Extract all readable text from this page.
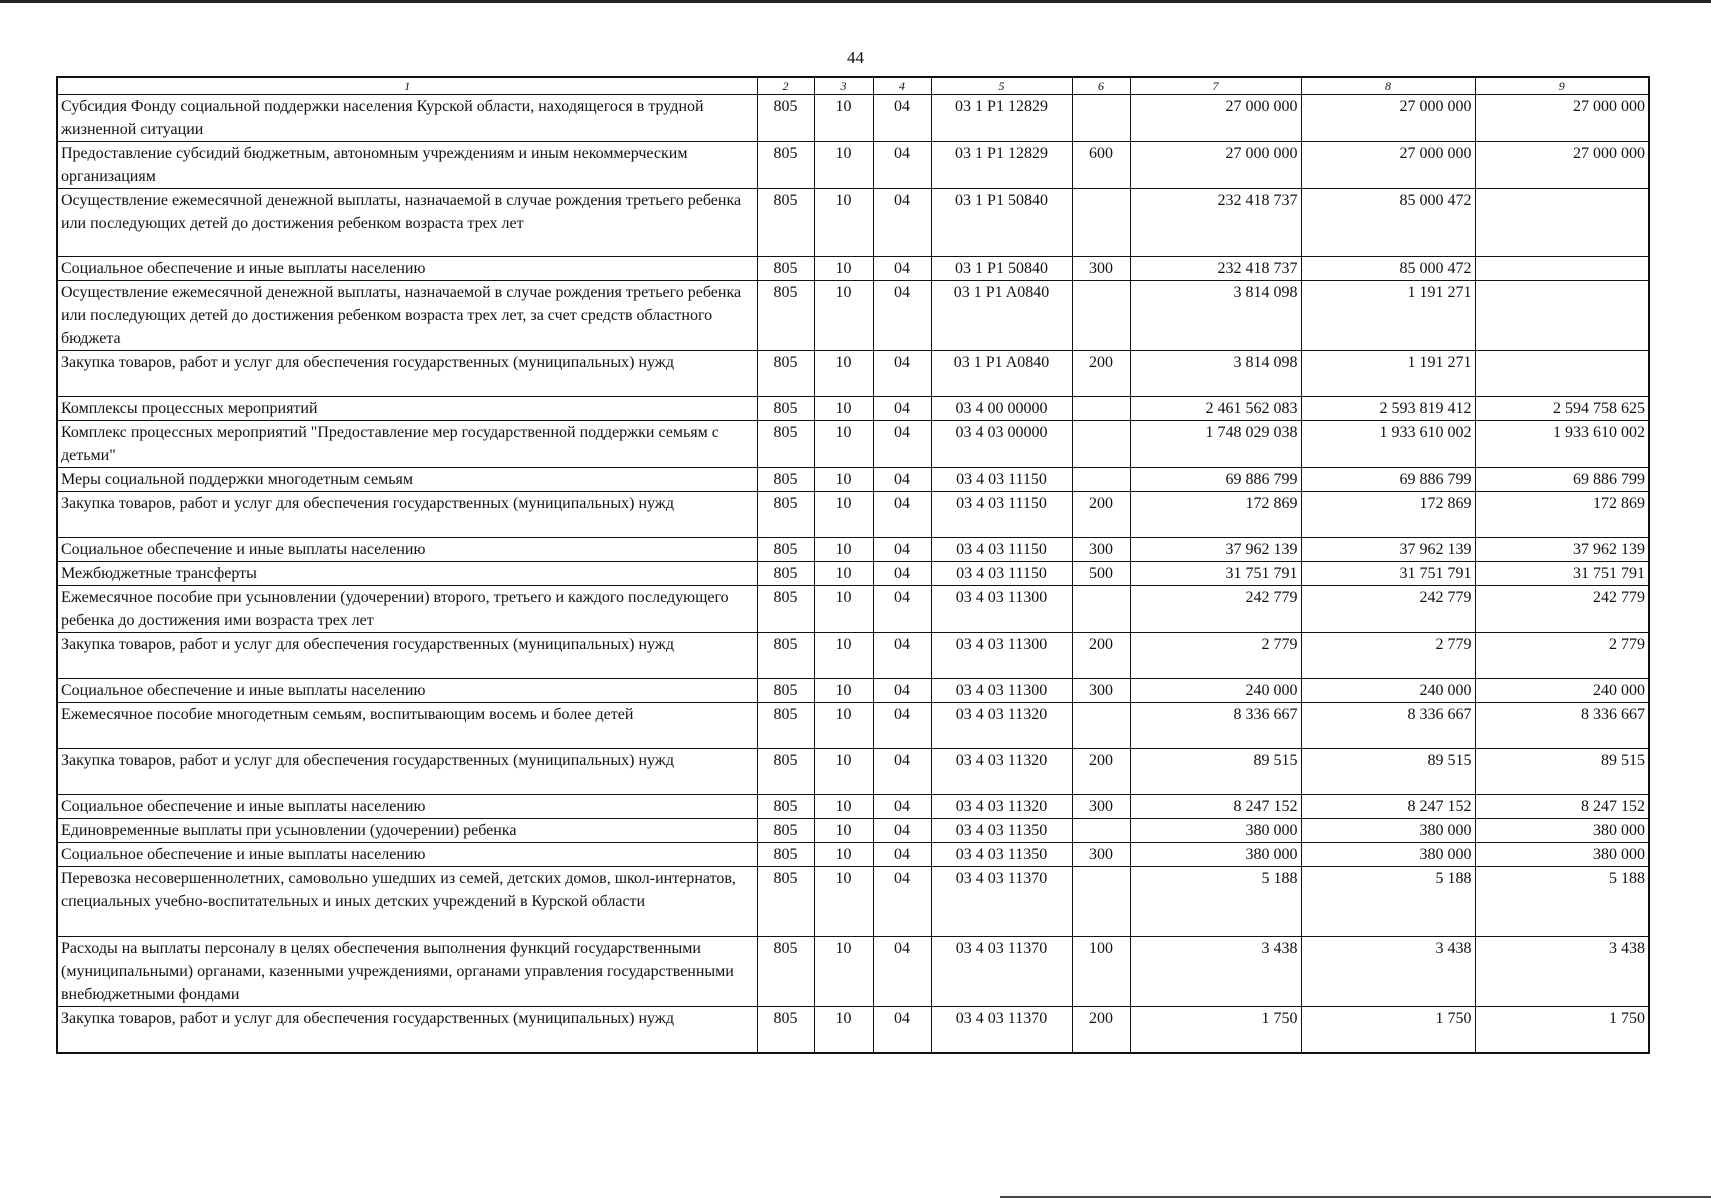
44
1	2	3	4	5	6	7	8	9
Субсидия Фонду социальной поддержки населения Курской области, находящегося в трудной жизненной ситуации	805	10	04	03 1 P1 12829		27 000 000	27 000 000	27 000 000
Предоставление субсидий бюджетным, автономным учреждениям и иным некоммерческим организациям	805	10	04	03 1 P1 12829	600	27 000 000	27 000 000	27 000 000
Осуществление ежемесячной денежной выплаты, назначаемой в случае рождения третьего ребенка или последующих детей до достижения ребенком возраста трех лет	805	10	04	03 1 P1 50840		232 418 737	85 000 472	
Социальное обеспечение и иные выплаты населению	805	10	04	03 1 P1 50840	300	232 418 737	85 000 472	
Осуществление ежемесячной денежной выплаты, назначаемой в случае рождения третьего ребенка или последующих детей до достижения ребенком возраста трех лет, за счет средств областного бюджета	805	10	04	03 1 P1 A0840		3 814 098	1 191 271	
Закупка товаров, работ и услуг для обеспечения государственных (муниципальных) нужд	805	10	04	03 1 P1 A0840	200	3 814 098	1 191 271	
Комплексы процессных мероприятий	805	10	04	03 4 00 00000		2 461 562 083	2 593 819 412	2 594 758 625
Комплекс процессных мероприятий "Предоставление мер государственной поддержки семьям с детьми"	805	10	04	03 4 03 00000		1 748 029 038	1 933 610 002	1 933 610 002
Меры социальной поддержки многодетным семьям	805	10	04	03 4 03 11150		69 886 799	69 886 799	69 886 799
Закупка товаров, работ и услуг для обеспечения государственных (муниципальных) нужд	805	10	04	03 4 03 11150	200	172 869	172 869	172 869
Социальное обеспечение и иные выплаты населению	805	10	04	03 4 03 11150	300	37 962 139	37 962 139	37 962 139
Межбюджетные трансферты	805	10	04	03 4 03 11150	500	31 751 791	31 751 791	31 751 791
Ежемесячное пособие при усыновлении (удочерении) второго, третьего и каждого последующего ребенка до достижения ими возраста трех лет	805	10	04	03 4 03 11300		242 779	242 779	242 779
Закупка товаров, работ и услуг для обеспечения государственных (муниципальных) нужд	805	10	04	03 4 03 11300	200	2 779	2 779	2 779
Социальное обеспечение и иные выплаты населению	805	10	04	03 4 03 11300	300	240 000	240 000	240 000
Ежемесячное пособие многодетным семьям, воспитывающим восемь и более детей	805	10	04	03 4 03 11320		8 336 667	8 336 667	8 336 667
Закупка товаров, работ и услуг для обеспечения государственных (муниципальных) нужд	805	10	04	03 4 03 11320	200	89 515	89 515	89 515
Социальное обеспечение и иные выплаты населению	805	10	04	03 4 03 11320	300	8 247 152	8 247 152	8 247 152
Единовременные выплаты при усыновлении (удочерении) ребенка	805	10	04	03 4 03 11350		380 000	380 000	380 000
Социальное обеспечение и иные выплаты населению	805	10	04	03 4 03 11350	300	380 000	380 000	380 000
Перевозка несовершеннолетних, самовольно ушедших из семей, детских домов, школ-интернатов, специальных учебно-воспитательных и иных детских учреждений в Курской области	805	10	04	03 4 03 11370		5 188	5 188	5 188
Расходы на выплаты персоналу в целях обеспечения выполнения функций государственными (муниципальными) органами, казенными учреждениями, органами управления государственными внебюджетными фондами	805	10	04	03 4 03 11370	100	3 438	3 438	3 438
Закупка товаров, работ и услуг для обеспечения государственных (муниципальных) нужд	805	10	04	03 4 03 11370	200	1 750	1 750	1 750
